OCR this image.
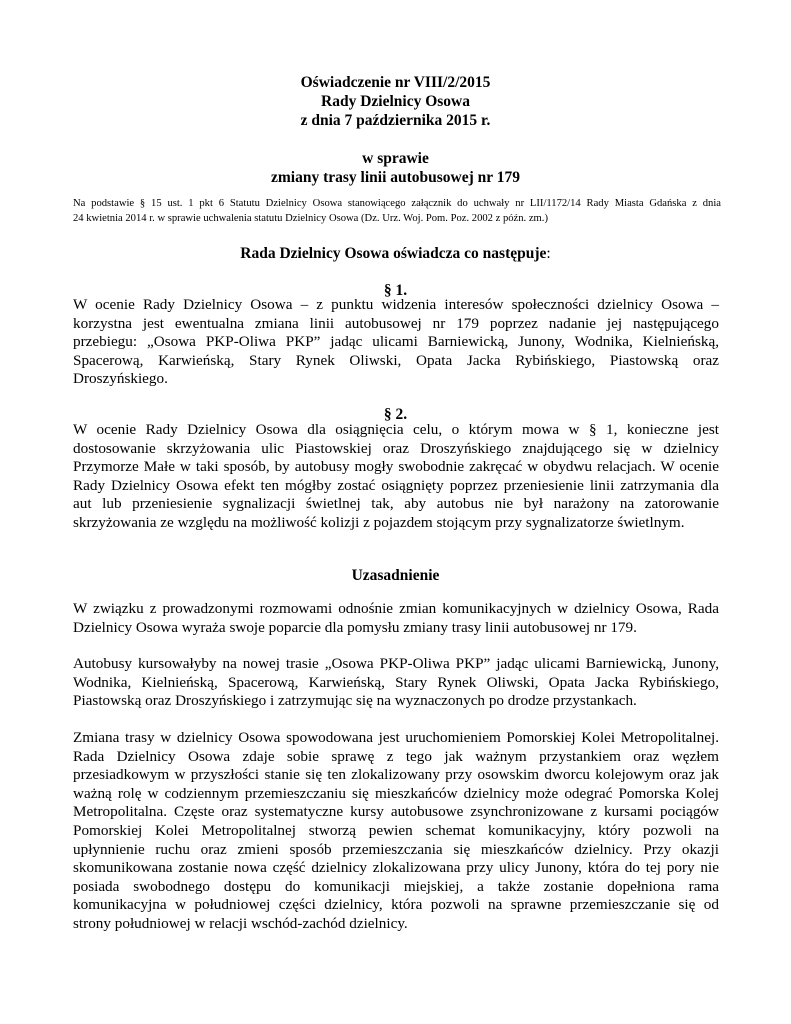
Oświadczenie nr VIII/2/2015
Rady Dzielnicy Osowa
z dnia 7 października 2015 r.
w sprawie
zmiany trasy linii autobusowej nr 179
Na podstawie § 15 ust. 1 pkt 6 Statutu Dzielnicy Osowa stanowiącego załącznik do uchwały nr LII/1172/14 Rady Miasta Gdańska z dnia
24 kwietnia 2014 r. w sprawie uchwalenia statutu Dzielnicy Osowa (Dz. Urz. Woj. Pom. Poz. 2002 z późn. zm.)
Rada Dzielnicy Osowa oświadcza co następuje:
§ 1.
W ocenie Rady Dzielnicy Osowa – z punktu widzenia interesów społeczności dzielnicy Osowa –
korzystna jest ewentualna zmiana linii autobusowej nr 179 poprzez nadanie jej następującego
przebiegu: „Osowa PKP-Oliwa PKP” jadąc ulicami Barniewicką, Junony, Wodnika, Kielnieńską,
Spacerową, Karwieńską, Stary Rynek Oliwski, Opata Jacka Rybińskiego, Piastowską oraz
Droszyńskiego.
§ 2.
W ocenie Rady Dzielnicy Osowa dla osiągnięcia celu, o którym mowa w § 1, konieczne jest
dostosowanie skrzyżowania ulic Piastowskiej oraz Droszyńskiego znajdującego się w dzielnicy
Przymorze Małe w taki sposób, by autobusy mogły swobodnie zakręcać w obydwu relacjach. W ocenie
Rady Dzielnicy Osowa efekt ten mógłby zostać osiągnięty poprzez przeniesienie linii zatrzymania dla
aut lub przeniesienie sygnalizacji świetlnej tak, aby autobus nie był narażony na zatorowanie
skrzyżowania ze względu na możliwość kolizji z pojazdem stojącym przy sygnalizatorze świetlnym.
Uzasadnienie
W związku z prowadzonymi rozmowami odnośnie zmian komunikacyjnych w dzielnicy Osowa, Rada
Dzielnicy Osowa wyraża swoje poparcie dla pomysłu zmiany trasy linii autobusowej nr 179.
Autobusy kursowałyby na nowej trasie „Osowa PKP-Oliwa PKP” jadąc ulicami Barniewicką, Junony,
Wodnika, Kielnieńską, Spacerową, Karwieńską, Stary Rynek Oliwski, Opata Jacka Rybińskiego,
Piastowską oraz Droszyńskiego i zatrzymując się na wyznaczonych po drodze przystankach.
Zmiana trasy w dzielnicy Osowa spowodowana jest uruchomieniem Pomorskiej Kolei Metropolitalnej.
Rada Dzielnicy Osowa zdaje sobie sprawę z tego jak ważnym przystankiem oraz węzłem
przesiadkowym w przyszłości stanie się ten zlokalizowany przy osowskim dworcu kolejowym oraz jak
ważną rolę w codziennym przemieszczaniu się mieszkańców dzielnicy może odegrać Pomorska Kolej
Metropolitalna. Częste oraz systematyczne kursy autobusowe zsynchronizowane z kursami pociągów
Pomorskiej Kolei Metropolitalnej stworzą pewien schemat komunikacyjny, który pozwoli na
upłynnienie ruchu oraz zmieni sposób przemieszczania się mieszkańców dzielnicy. Przy okazji
skomunikowana zostanie nowa część dzielnicy zlokalizowana przy ulicy Junony, która do tej pory nie
posiada swobodnego dostępu do komunikacji miejskiej, a także zostanie dopełniona rama
komunikacyjna w południowej części dzielnicy, która pozwoli na sprawne przemieszczanie się od
strony południowej w relacji wschód-zachód dzielnicy.
